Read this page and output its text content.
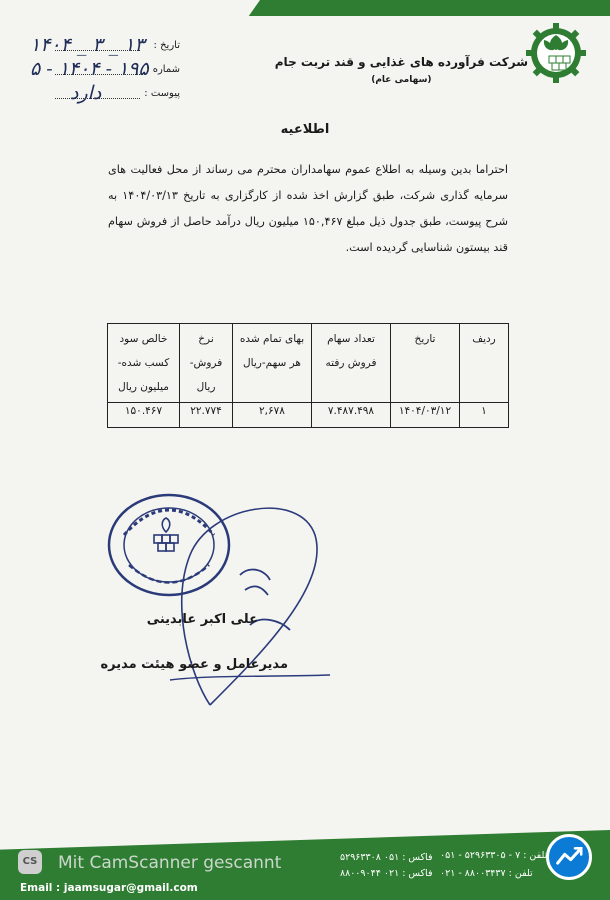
شرکت فرآورده های غذایی و قند تربت جام
(سهامی عام)
۱۴۰۴ _ ۳ _ ۱۳ تاریخ :
۵ - ۱۴۰۴ - ۱۹۵
شماره :
دارد	پیوست :
اطلاعیه
احتراما بدین وسیله به اطلاع عموم سهامداران محترم می رساند از محل فعالیت های سرمایه گذاری شرکت، طبق گزارش اخذ شده از کارگزاری به تاریخ ۱۴۰۴/۰۳/۱۳ به شرح پیوست، طبق جدول ذیل مبلغ ۱۵۰,۴۶۷ میلیون ریال درآمد حاصل از فروش سهام قند بیستون شناسایی گردیده است.
ردیف	تاریخ	تعداد سهام فروش رفته	بهای تمام شده هر سهم-ریال	نرخ فروش- ریال	خالص سود کسب شده- میلیون ریال
۱	۱۴۰۴/۰۳/۱۲	۷.۴۸۷.۴۹۸	۲,۶۷۸	۲۲.۷۷۴	۱۵۰.۴۶۷
علی اکبر عابدینی
مدیرعامل و عضو هیئت مدیره
تلفن : ۷ - ۵۲۹۶۳۳۰۵ - ۰۵۱
فاکس : ۰۵۱ ۵۲۹۶۳۳۰۸
تلفن : ۸۸۰۰۳۴۳۷ - ۰۲۱
فاکس : ۰۲۱ ۸۸۰۰۹۰۴۴
Email : jaamsugar@gmail.com
CS Mit CamScanner gescannt
